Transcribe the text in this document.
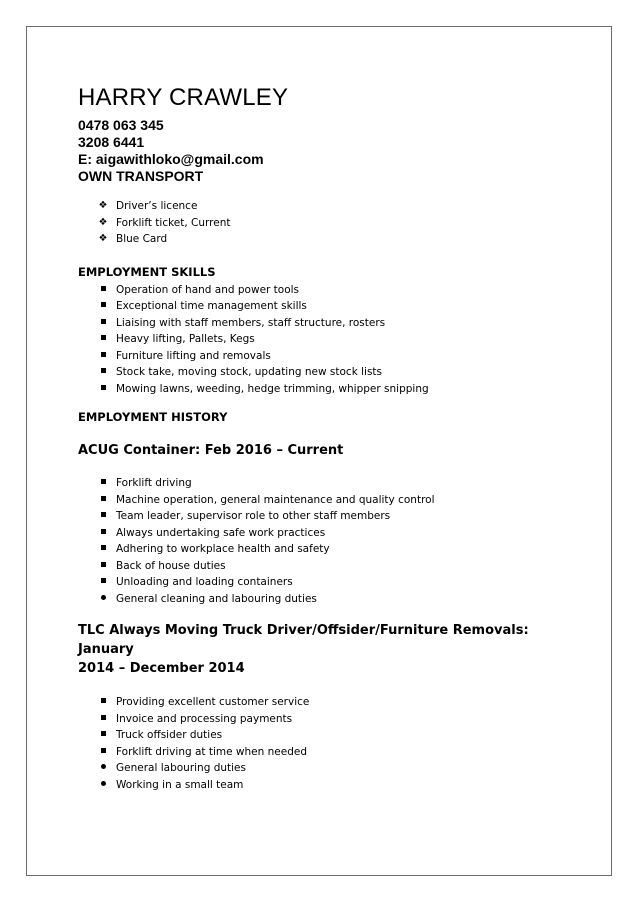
HARRY CRAWLEY

0478 063 345

3208 6441

E: aigawithloko@gmail.com

OWN TRANSPORT

❖ Driver’s licence
❖ Forklift ticket, Current
❖ Blue Card

EMPLOYMENT SKILLS

Operation of hand and power tools
Exceptional time management skills
Liaising with staff members, staff structure, rosters
Heavy lifting, Pallets, Kegs
Furniture lifting and removals
Stock take, moving stock, updating new stock lists
Mowing lawns, weeding, hedge trimming, whipper snipping

EMPLOYMENT HISTORY

ACUG Container: Feb 2016 – Current

Forklift driving
Machine operation, general maintenance and quality control
Team leader, supervisor role to other staff members
Always undertaking safe work practices
Adhering to workplace health and safety
Back of house duties
Unloading and loading containers
General cleaning and labouring duties

TLC Always Moving Truck Driver/Offsider/Furniture Removals: January

2014 – December 2014

Providing excellent customer service
Invoice and processing payments
Truck offsider duties
Forklift driving at time when needed
General labouring duties
Working in a small team
